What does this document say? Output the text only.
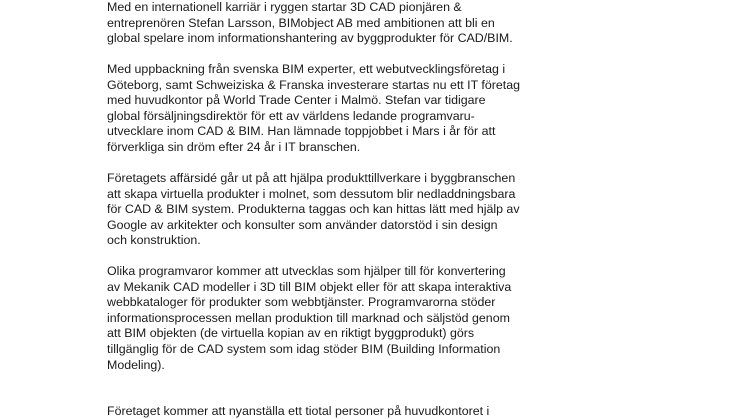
Med en internationell karriär i ryggen startar 3D CAD pionjären &
entreprenören Stefan Larsson, BIMobject AB med ambitionen att bli en
global spelare inom informationshantering av byggprodukter för CAD/BIM.
Med uppbackning från svenska BIM experter, ett webutvecklingsföretag i
Göteborg, samt Schweiziska & Franska investerare startas nu ett IT företag
med huvudkontor på World Trade Center i Malmö. Stefan var tidigare
global försäljningsdirektör för ett av världens ledande programvaru-
utvecklare inom CAD & BIM. Han lämnade toppjobbet i Mars i år för att
förverkliga sin dröm efter 24 år i IT branschen.
Företagets affärsidé går ut på att hjälpa produkttillverkare i byggbranschen
att skapa virtuella produkter i molnet, som dessutom blir nedladdningsbara
för CAD & BIM system. Produkterna taggas och kan hittas lätt med hjälp av
Google av arkitekter och konsulter som använder datorstöd i sin design
och konstruktion.
Olika programvaror kommer att utvecklas som hjälper till för konvertering
av Mekanik CAD modeller i 3D till BIM objekt eller för att skapa interaktiva
webbkataloger för produkter som webbtjänster. Programvarorna stöder
informationsprocessen mellan produktion till marknad och säljstöd genom
att BIM objekten (de virtuella kopian av en riktigt byggprodukt) görs
tillgänglig för de CAD system som idag stöder BIM (Building Information
Modeling).
Företaget kommer att nyanställa ett tiotal personer på huvudkontoret i
